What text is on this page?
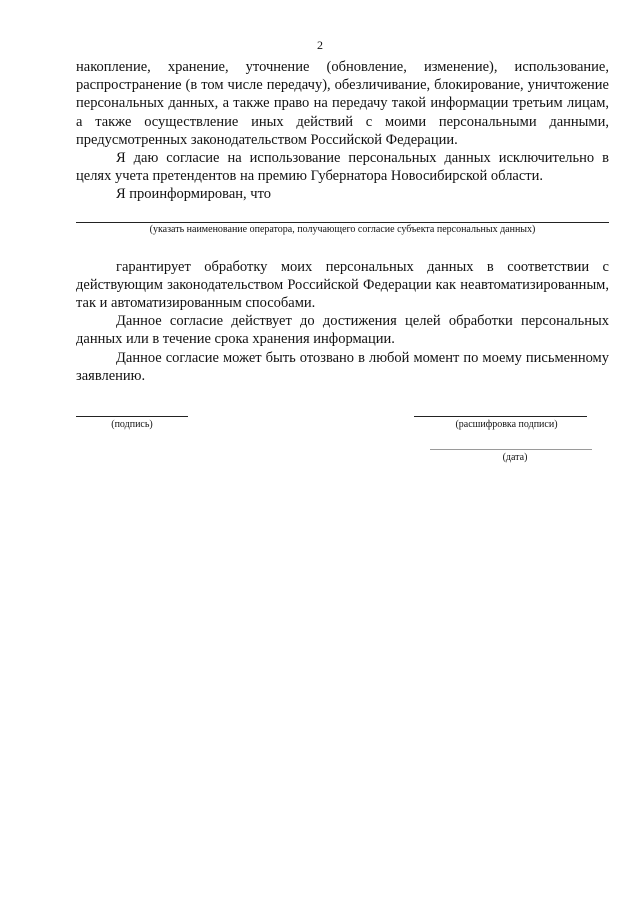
2

накопление, хранение, уточнение (обновление, изменение), использование, распространение (в том числе передачу), обезличивание, блокирование, уничтожение персональных данных, а также право на передачу такой информации третьим лицам, а также осуществление иных действий с моими персональными данными, предусмотренных законодательством Российской Федерации.

Я даю согласие на использование персональных данных исключительно в целях учета претендентов на премию Губернатора Новосибирской области.

Я проинформирован, что

(указать наименование оператора, получающего согласие субъекта персональных данных)

гарантирует обработку моих персональных данных в соответствии с действующим законодательством Российской Федерации как неавтоматизированным, так и автоматизированным способами.

Данное согласие действует до достижения целей обработки персональных данных или в течение срока хранения информации.

Данное согласие может быть отозвано в любой момент по моему письменному заявлению.

(подпись)	(расшифровка подписи)
(дата)
